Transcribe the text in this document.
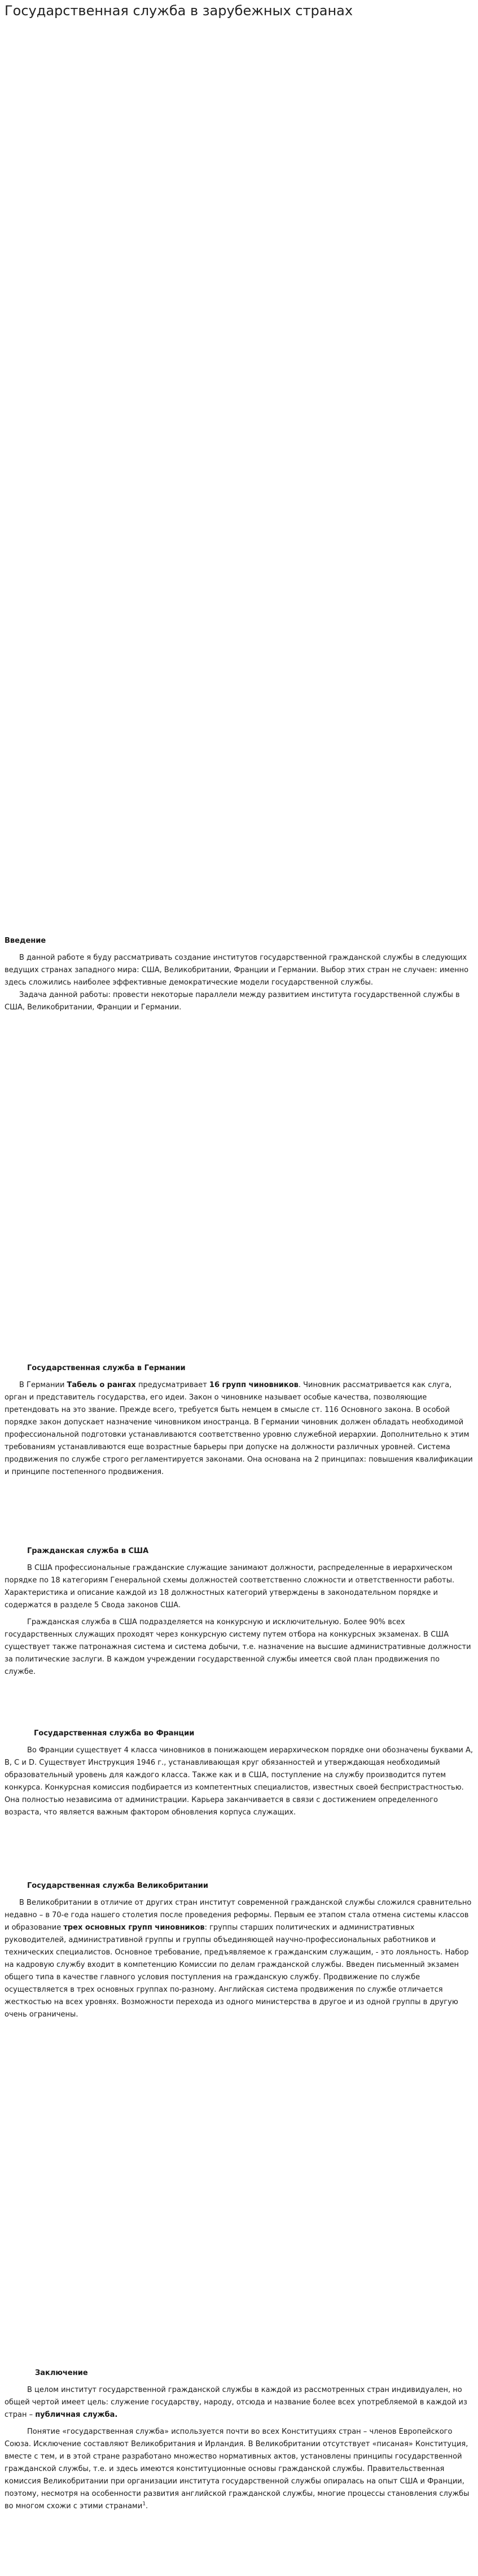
Государственная служба в зарубежных странах

Введение

В данной работе я буду рассматривать создание институтов государственной гражданской службы в следующих ведущих странах западного мира: США, Великобритании, Франции и Германии. Выбор этих стран не случаен: именно здесь сложились наиболее эффективные демократические модели государственной службы.

Задача данной работы: провести некоторые параллели между развитием института государственной службы в США, Великобритании, Франции и Германии.

Государственная служба в Германии

В Германии Табель о рангах предусматривает 16 групп чиновников. Чиновник рассматривается как слуга, орган и представитель государства, его идеи. Закон о чиновнике называет особые качества, позволяющие претендовать на это звание. Прежде всего, требуется быть немцем в смысле ст. 116 Основного закона. В особой порядке закон допускает назначение чиновником иностранца. В Германии чиновник должен обладать необходимой профессиональной подготовки устанавливаются соответственно уровню служебной иерархии. Дополнительно к этим требованиям устанавливаются еще возрастные барьеры при допуске на должности различных уровней. Система продвижения по службе строго регламентируется законами. Она основана на 2 принципах: повышения квалификации и принципе постепенного продвижения.

Гражданская служба в США

В США профессиональные гражданские служащие занимают должности, распределенные в иерархическом порядке по 18 категориям Генеральной схемы должностей соответственно сложности и ответственности работы. Характеристика и описание каждой из 18 должностных категорий утверждены в законодательном порядке и содержатся в разделе 5 Свода законов США.

Гражданская служба в США подразделяется на конкурсную и исключительную. Более 90% всех государственных служащих проходят через конкурсную систему путем отбора на конкурсных экзаменах. В США существует также патронажная система и система добычи, т.е. назначение на высшие административные должности за политические заслуги. В каждом учреждении государственной службы имеется свой план продвижения по службе.

Государственная служба во Франции

Во Франции существует 4 класса чиновников в понижающем иерархическом порядке они обозначены буквами А, B, C и D. Существует Инструкция 1946 г., устанавливающая круг обязанностей и утверждающая необходимый образовательный уровень для каждого класса. Также как и в США, поступление на службу производится путем конкурса. Конкурсная комиссия подбирается из компетентных специалистов, известных своей беспристрастностью. Она полностью независима от администрации. Карьера заканчивается в связи с достижением определенного возраста, что является важным фактором обновления корпуса служащих.

Государственная служба Великобритании

В Великобритании в отличие от других стран институт современной гражданской службы сложился сравнительно недавно – в 70-е года нашего столетия после проведения реформы. Первым ее этапом стала отмена системы классов и образование трех основных групп чиновников: группы старших политических и административных руководителей, административной группы и группы объединяющей научно-профессиональных работников и технических специалистов. Основное требование, предъявляемое к гражданским служащим, - это лояльность. Набор на кадровую службу входит в компетенцию Комиссии по делам гражданской службы. Введен письменный экзамен общего типа в качестве главного условия поступления на гражданскую службу. Продвижение по службе осуществляется в трех основных группах по-разному. Английская система продвижения по службе отличается жесткостью на всех уровнях. Возможности перехода из одного министерства в другое и из одной группы в другую очень ограничены.

Заключение

В целом институт государственной гражданской службы в каждой из рассмотренных стран индивидуален, но общей чертой имеет цель: служение государству, народу, отсюда и название более всех употребляемой в каждой из стран – публичная служба.

Понятие «государственная служба» используется почти во всех Конституциях стран – членов Европейского Союза. Исключение составляют Великобритания и Ирландия. В Великобритании отсутствует «писаная» Конституция, вместе с тем, и в этой стране разработано множество нормативных актов, установлены принципы государственной гражданской службы, т.е. и здесь имеются конституционные основы гражданской службы. Правительственная комиссия Великобритании при организации института государственной службы опиралась на опыт США и Франции, поэтому, несмотря на особенности развития английской гражданской службы, многие процессы становления службы во многом схожи с этими странами$^1$.
